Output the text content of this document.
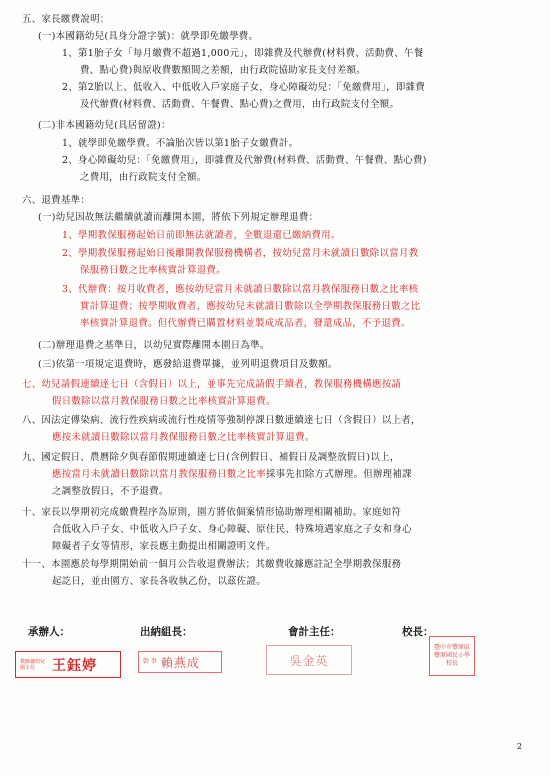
五、家長繳費說明：
(一)本國籍幼兒(具身分證字號)：就學即免繳學費。
1、第1胎子女「每月繳費不超過1,000元」，即雜費及代辦費(材料費、活動費、午餐
費、點心費)與原收費數額間之差額，由行政院協助家長支付差額。
2、第2胎以上、低收入、中低收入戶家庭子女，身心障礙幼兒：「免繳費用」，即雜費
及代辦費(材料費、活動費、午餐費、點心費)之費用，由行政院支付全額。
(二)非本國籍幼兒(具居留證)：
1、就學即免繳學費。不論胎次皆以第1胎子女繳費計。
2、身心障礙幼兒：「免繳費用」，即雜費及代辦費(材料費、活動費、午餐費、點心費)
之費用，由行政院支付全額。
六、退費基準：
(一)幼兒因故無法繼續就讀而離開本園，將依下列規定辦理退費：
1、學期教保服務起始日前即無法就讀者，全數退還已繳納費用。
2、學期教保服務起始日後離開教保服務機構者，按幼兒當月未就讀日數除以當月教
保服務日數之比率核實計算退費。
3、代辦費：按月收費者，應按幼兒當月未就讀日數除以當月教保服務日數之比率核
實計算退費；按學期收費者，應按幼兒未就讀日數除以全學期教保服務日數之比
率核實計算退費。但代辦費已購置材料並製成成品者，發還成品，不予退費。
(二)辦理退費之基準日，以幼兒實際離開本園日為準。
(三)依第一項規定退費時，應發給退費單據，並列明退費項目及數額。
七、幼兒請假連續達七日（含假日）以上，並事先完成請假手續者，教保服務機構應按請
假日數除以當月教保服務日數之比率核實計算退費。
八、因法定傳染病、流行性疾病或流行性疫情等強制停課日數連續達七日（含假日）以上者，
應按未就讀日數除以當月教保服務日數之比率核實計算退費。
九、國定假日、農曆除夕與春節假期連續達七日(含例假日、補假日及調整放假日)以上，
應按當月未就讀日數除以當月教保服務日數之比率採事先扣除方式辦理。但辦理補課
之調整放假日，不予退費。
十、家長以學期初完成繳費程序為原則，園方將依個案情形協助辦理相關補助。家庭如符
合低收入戶子女、中低收入戶子女、身心障礙、原住民、特殊境遇家庭之子女和身心
障礙者子女等情形，家長應主動提出相關證明文件。
十一、本園應於每學期開始前一個月公告收退費辦法；其繳費收據應註記全學期教保服務
起訖日，並由園方、家長各收執乙份，以茲佐證。
承辦人：	出納組長：	會計主任：	校長：
教師兼幼兒園主任	王鈺婷	幹 事 賴燕成	吳金英
臺中市豐原區豐原國民小學校長
2
